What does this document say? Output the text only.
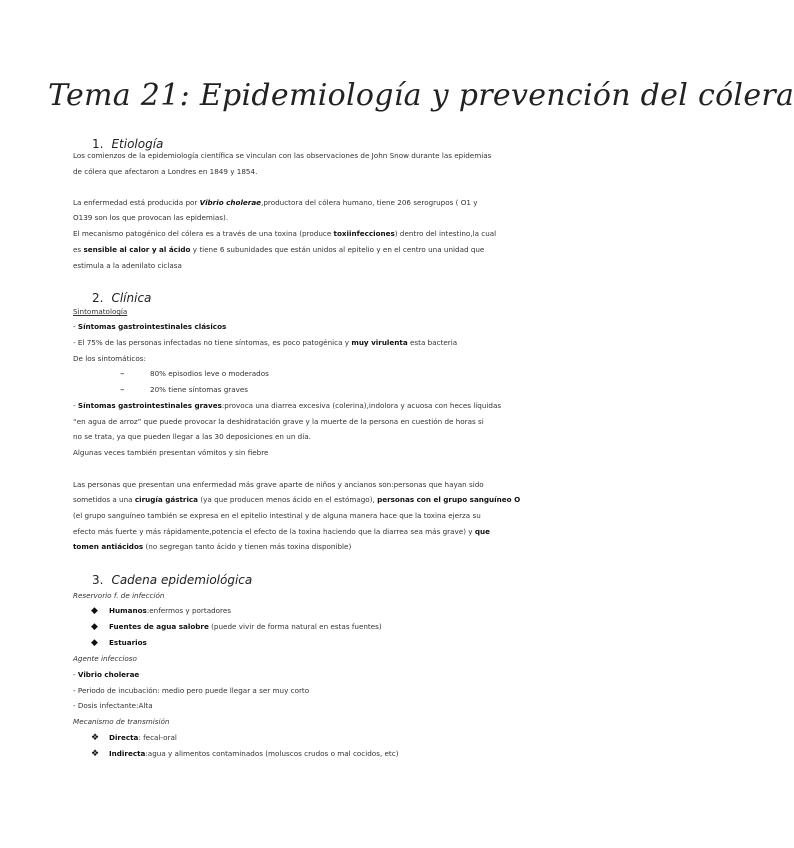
Tema 21: Epidemiología y prevención del cólera
1. Etiología
Los comienzos de la epidemiología científica se vinculan con las observaciones de John Snow durante las epidemias
de cólera que afectaron a Londres en 1849 y 1854.
La enfermedad está producida por Vibrio cholerae,productora del cólera humano, tiene 206 serogrupos ( O1 y
O139 son los que provocan las epidemias).
El mecanismo patogénico del cólera es a través de una toxina (produce toxiinfecciones) dentro del intestino,la cual
es sensible al calor y al ácido y tiene 6 subunidades que están unidos al epitelio y en el centro una unidad que
estimula a la adenilato ciclasa
2. Clínica
Sintomatología
- Síntomas gastrointestinales clásicos
- El 75% de las personas infectadas no tiene síntomas, es poco patogénica y muy virulenta esta bacteria
De los sintomáticos:
–	80% episodios leve o moderados
–	20% tiene síntomas graves
- Síntomas gastrointestinales graves:provoca una diarrea excesiva (colerina),indolora y acuosa con heces líquidas
“en agua de arroz” que puede provocar la deshidratación grave y la muerte de la persona en cuestión de horas si
no se trata, ya que pueden llegar a las 30 deposiciones en un día.
Algunas veces también presentan vómitos y sin fiebre
Las personas que presentan una enfermedad más grave aparte de niños y ancianos son:personas que hayan sido
sometidos a una cirugía gástrica (ya que producen menos ácido en el estómago), personas con el grupo sanguíneo O
(el grupo sanguíneo también se expresa en el epitelio intestinal y de alguna manera hace que la toxina ejerza su
efecto más fuerte y más rápidamente,potencia el efecto de la toxina haciendo que la diarrea sea más grave) y que
tomen antiácidos (no segregan tanto ácido y tienen más toxina disponible)
3. Cadena epidemiológica
Reservorio f. de infección
◆ Humanos:enfermos y portadores
◆ Fuentes de agua salobre (puede vivir de forma natural en estas fuentes)
◆ Estuarios
Agente infeccioso
- Vibrio cholerae
- Periodo de incubación: medio pero puede llegar a ser muy corto
- Dosis infectante:Alta
Mecanismo de transmisión
❖ Directa: fecal-oral
❖ Indirecta:agua y alimentos contaminados (moluscos crudos o mal cocidos, etc)
